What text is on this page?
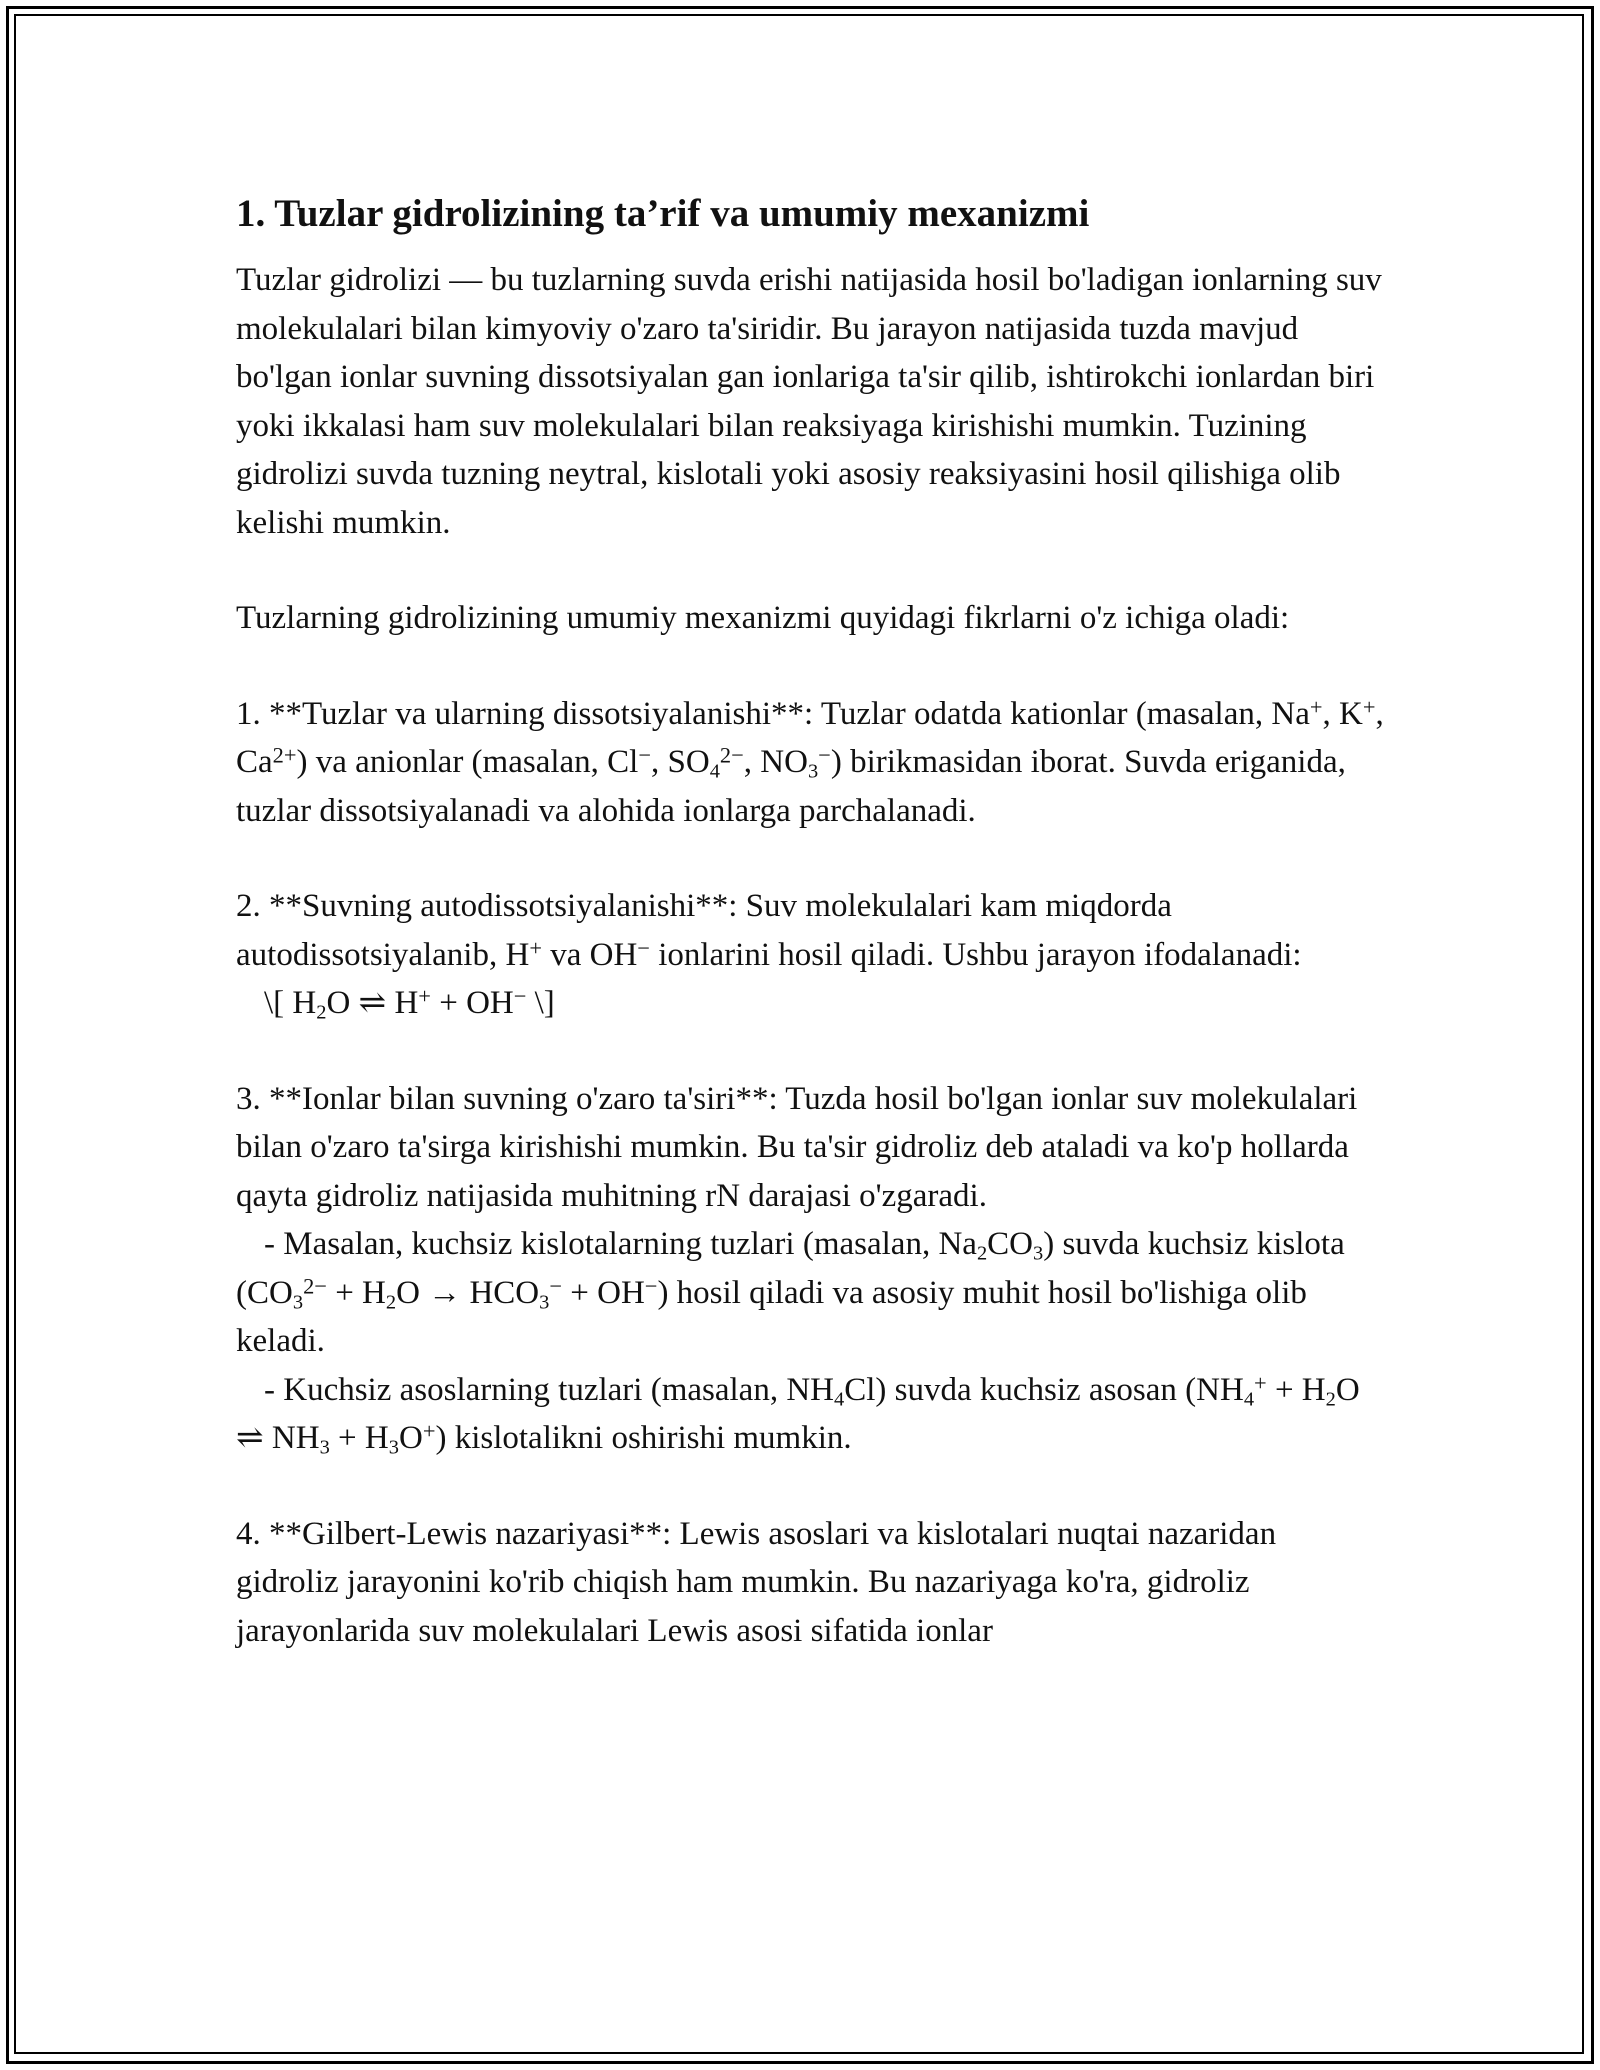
1. Tuzlar gidrolizining ta’rif va umumiy mexanizmi

Tuzlar gidrolizi — bu tuzlarning suvda erishi natijasida hosil bo'ladigan ionlarning suv molekulalari bilan kimyoviy o'zaro ta'siridir. Bu jarayon natijasida tuzda mavjud bo'lgan ionlar suvning dissotsiyalan gan ionlariga ta'sir qilib, ishtirokchi ionlardan biri yoki ikkalasi ham suv molekulalari bilan reaksiyaga kirishishi mumkin. Tuzining gidrolizi suvda tuzning neytral, kislotali yoki asosiy reaksiyasini hosil qilishiga olib kelishi mumkin.

Tuzlarning gidrolizining umumiy mexanizmi quyidagi fikrlarni o'z ichiga oladi:

1. **Tuzlar va ularning dissotsiyalanishi**: Tuzlar odatda kationlar (masalan, Na+, K+, $Ca^{2+}$) va anionlar (masalan, Cl−, $SO_4^{2-}$, $NO_3^-$) birikmasidan iborat. Suvda eriganida, tuzlar dissotsiyalanadi va alohida ionlarga parchalanadi.

2. **Suvning autodissotsiyalanishi**: Suv molekulalari kam miqdorda autodissotsiyalanib, H+ va OH− ionlarini hosil qiladi. Ushbu jarayon ifodalanadi:

\[ $H_2O$ ⇌ H+ + OH− \]

3. **Ionlar bilan suvning o'zaro ta'siri**: Tuzda hosil bo'lgan ionlar suv molekulalari bilan o'zaro ta'sirga kirishishi mumkin. Bu ta'sir gidroliz deb ataladi va ko'p hollarda qayta gidroliz natijasida muhitning rN darajasi o'zgaradi.

- Masalan, kuchsiz kislotalarning tuzlari (masalan, $Na_2CO_3$) suvda kuchsiz kislota $(CO_3^{2-} + H_2O \to HCO_3^- + OH^-)$ hosil qiladi va asosiy muhit hosil bo'lishiga olib keladi.

- Kuchsiz asoslarning tuzlari (masalan, $NH_4Cl$) suvda kuchsiz asosan ($NH_4^+ + H_2O$ ⇌ $NH_3 + H_3O^+$) kislotalikni oshirishi mumkin.

4. **Gilbert-Lewis nazariyasi**: Lewis asoslari va kislotalari nuqtai nazaridan gidroliz jarayonini ko'rib chiqish ham mumkin. Bu nazariyaga ko'ra, gidroliz jarayonlarida suv molekulalari Lewis asosi sifatida ionlar
